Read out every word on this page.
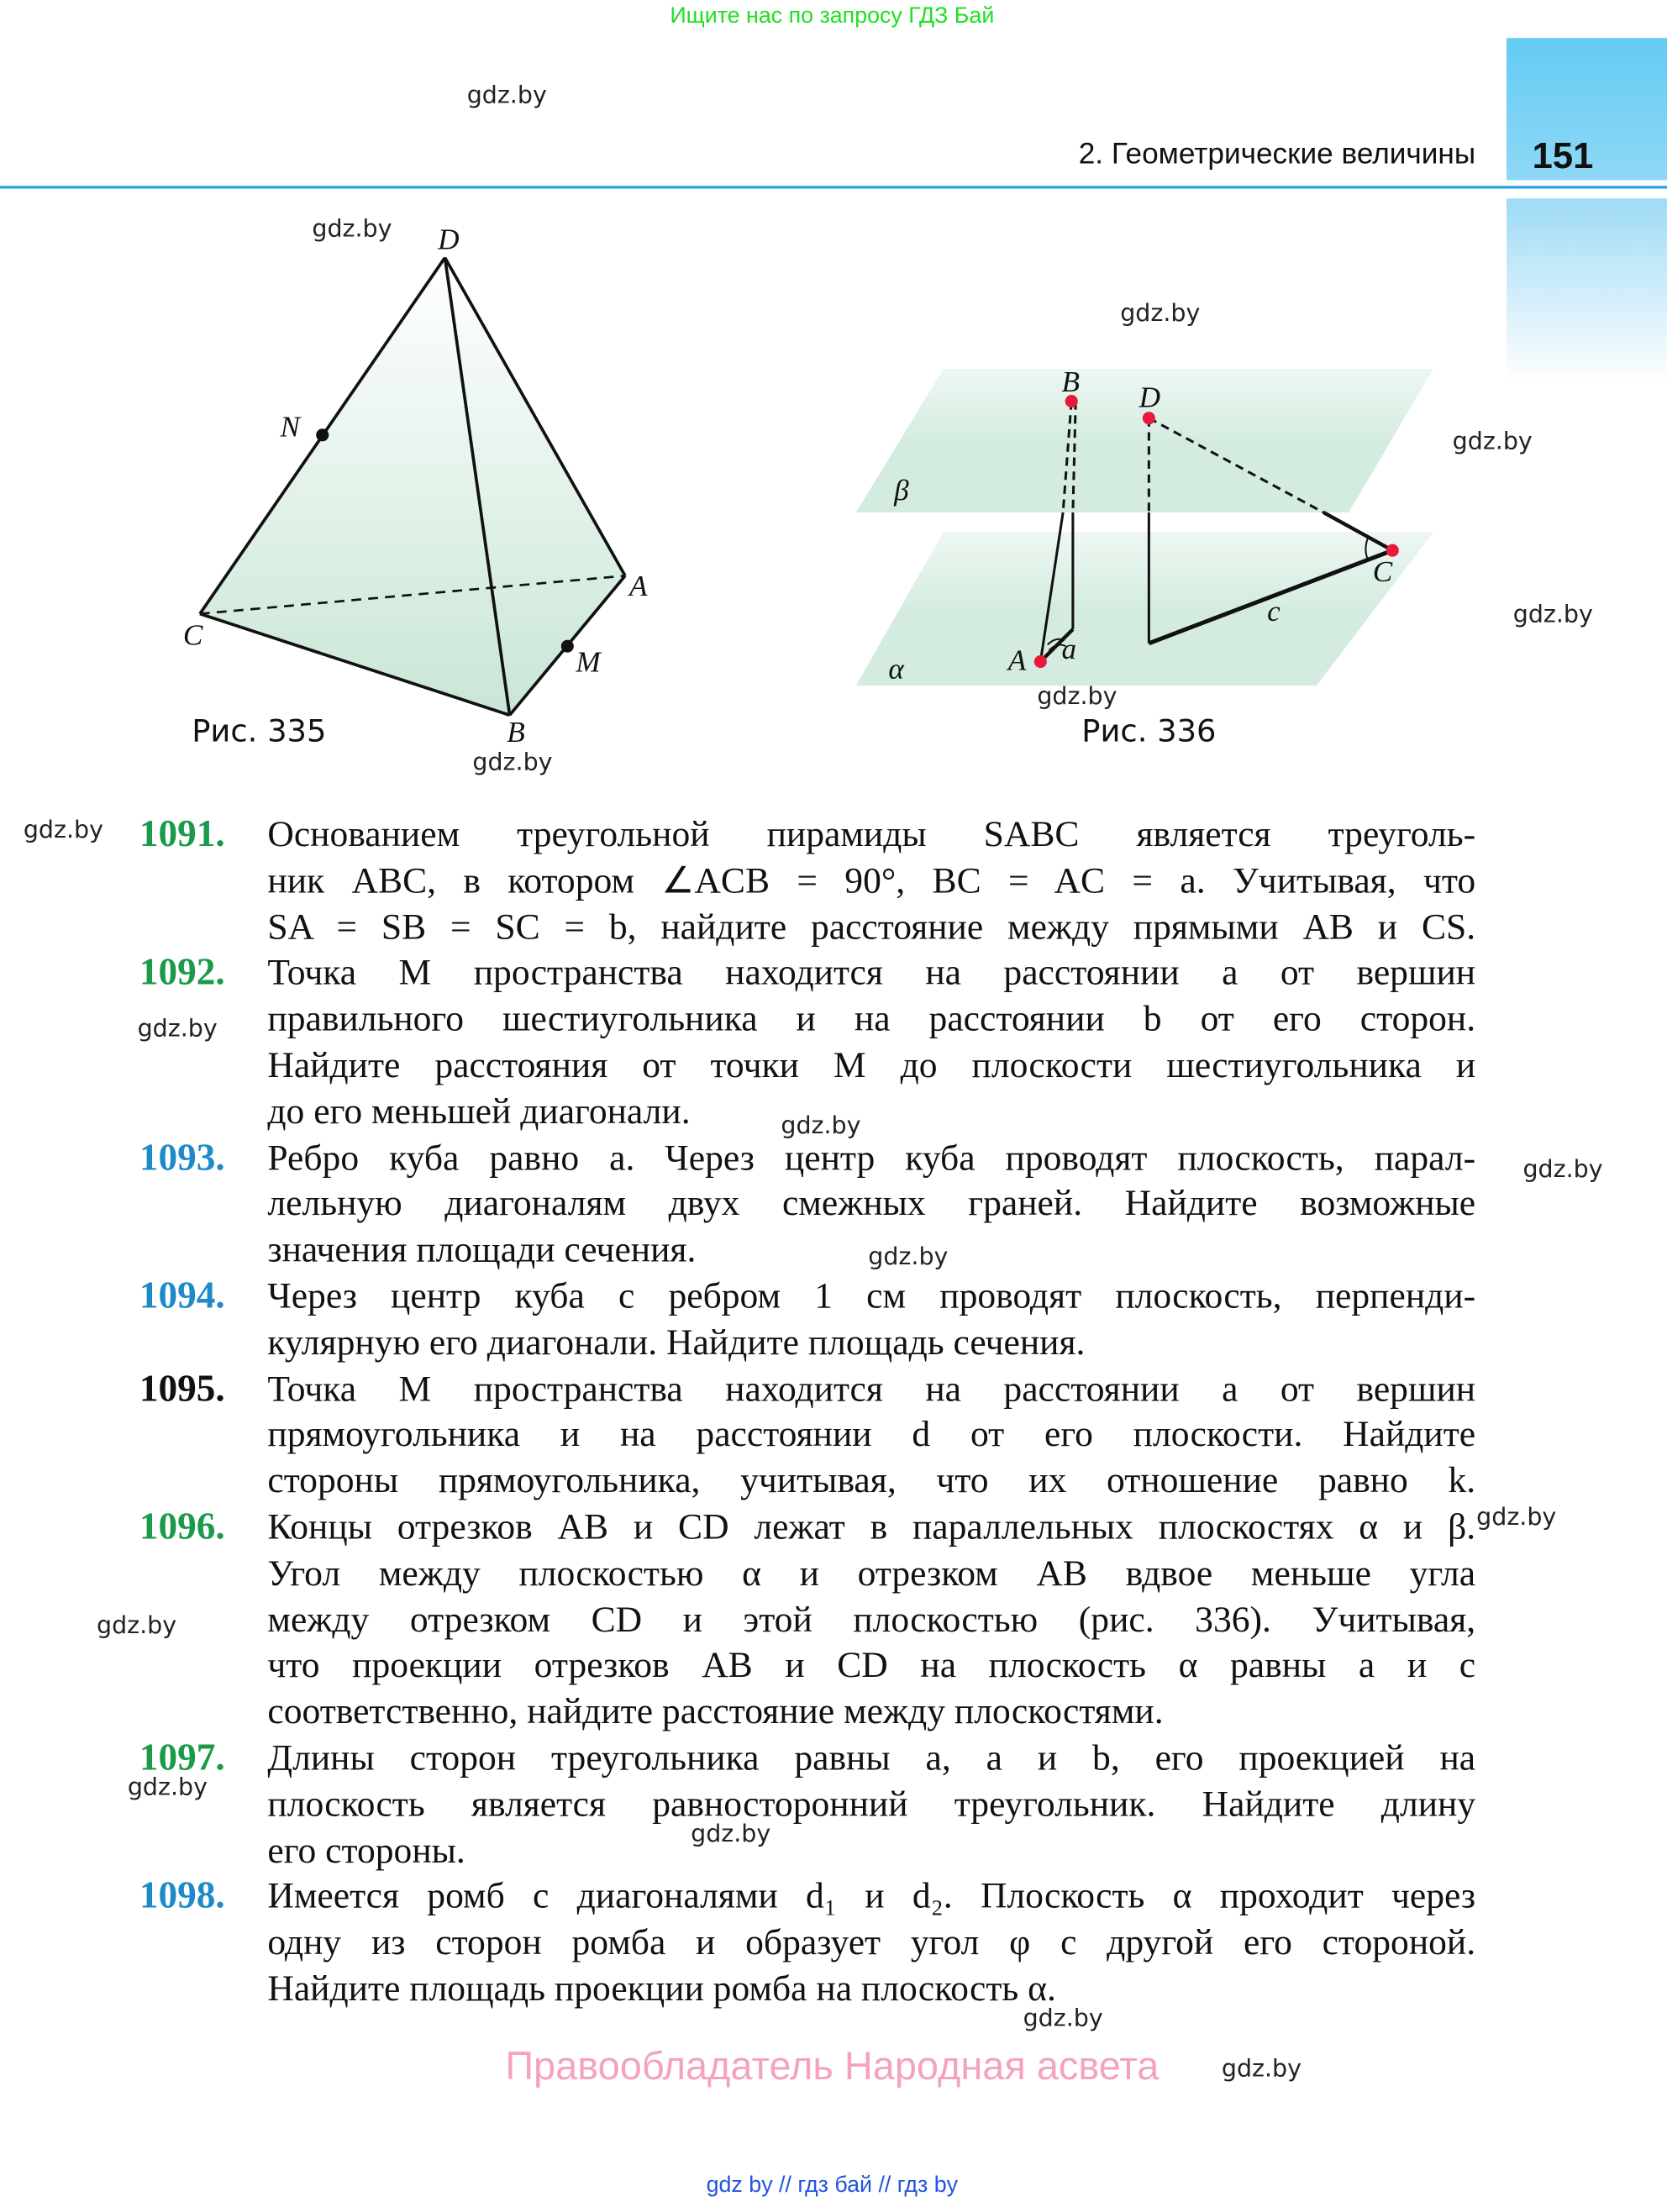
Ищите нас по запросу ГДЗ Бай
151
2. Геометрические величины
D
N
A
M
C
B
B	D
C
c
A a
β
α
Рис. 335	Рис. 336
1091. Основанием треугольной пирамиды SABC является треуголь-
ник ABC, в котором ∠ACB = 90°, BC = AC = a. Учитывая, что
SA = SB = SC = b, найдите расстояние между прямыми AB и CS.
1092. Точка M пространства находится на расстоянии a от вершин
правильного шестиугольника и на расстоянии b от его сторон.
Найдите расстояния от точки M до плоскости шестиугольника и
до его меньшей диагонали.
1093. Ребро куба равно a. Через центр куба проводят плоскость, парал-
лельную диагоналям двух смежных граней. Найдите возможные
значения площади сечения.
1094. Через центр куба с ребром 1 см проводят плоскость, перпенди-
кулярную его диагонали. Найдите площадь сечения.
1095. Точка M пространства находится на расстоянии a от вершин
прямоугольника и на расстоянии d от его плоскости. Найдите
стороны прямоугольника, учитывая, что их отношение равно k.
1096. Концы отрезков AB и CD лежат в параллельных плоскостях α и β.
Угол между плоскостью α и отрезком AB вдвое меньше угла
между отрезком CD и этой плоскостью (рис. 336). Учитывая,
что проекции отрезков AB и CD на плоскость α равны a и c
соответственно, найдите расстояние между плоскостями.
1097. Длины сторон треугольника равны a, a и b, его проекцией на
плоскость является равносторонний треугольник. Найдите длину
его стороны.
1098. Имеется ромб с диагоналями d₁ и d₂. Плоскость α проходит через
одну из сторон ромба и образует угол φ с другой его стороной.
Найдите площадь проекции ромба на плоскость α.
gdz.by
gdz.by
gdz.by
gdz.by
gdz.by
gdz.by
gdz.by
gdz.by
gdz.by
gdz.by
gdz.by
gdz.by
gdz.by
gdz.by
gdz.by
gdz.by
gdz.by
gdz.by
Правообладатель Народная асвета
gdz by // гдз бай // гдз by
